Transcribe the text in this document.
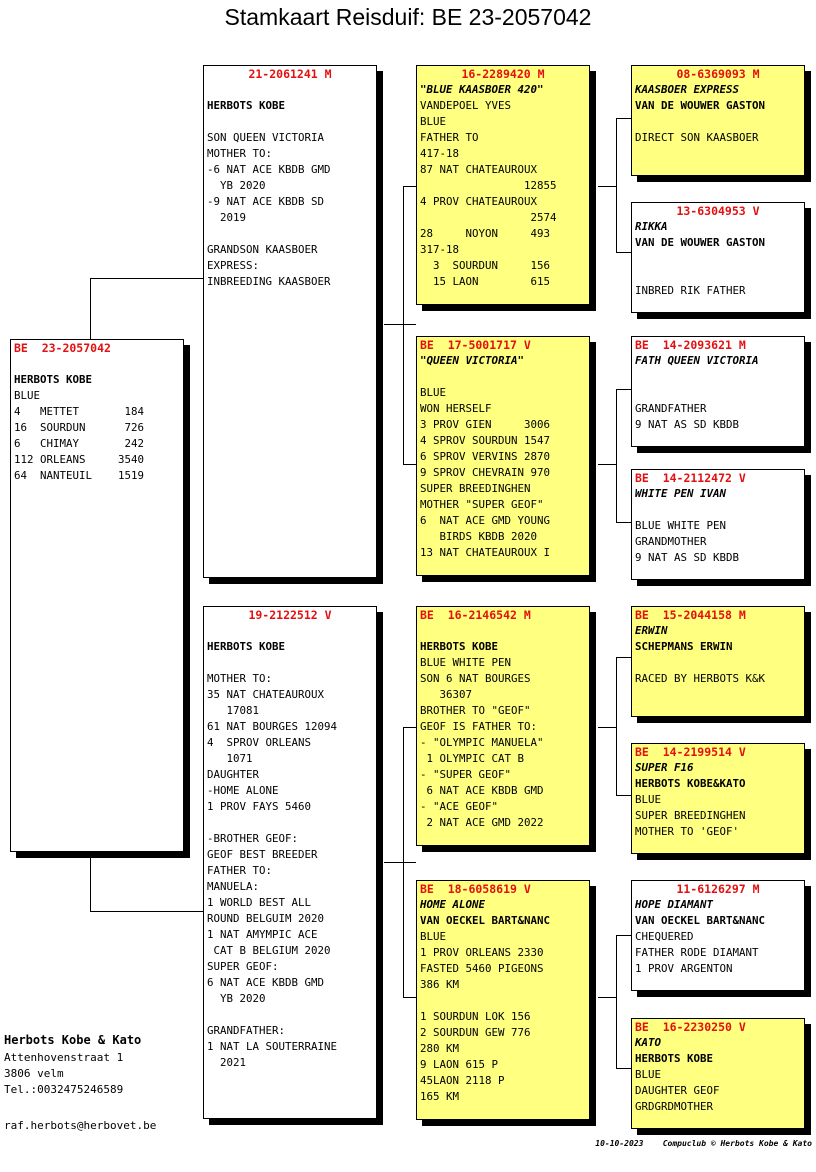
Stamkaart Reisduif: BE 23-2057042
BE  23-2057042
HERBOTS KOBE
BLUE
4   METTET       184
16  SOURDUN      726
6   CHIMAY       242
112 ORLEANS     3540
64  NANTEUIL    1519
21-2061241 M
HERBOTS KOBE
SON QUEEN VICTORIA
MOTHER TO:
-6 NAT ACE KBDB GMD
YB 2020
-9 NAT ACE KBDB SD
2019
GRANDSON KAASBOER
EXPRESS:
INBREEDING KAASBOER
19-2122512 V
HERBOTS KOBE
MOTHER TO:
35 NAT CHATEAUROUX
17081
61 NAT BOURGES 12094
4  SPROV ORLEANS
1071
DAUGHTER
-HOME ALONE
1 PROV FAYS 5460
-BROTHER GEOF:
GEOF BEST BREEDER
FATHER TO:
MANUELA:
1 WORLD BEST ALL
ROUND BELGUIM 2020
1 NAT AMYMPIC ACE
CAT B BELGIUM 2020
SUPER GEOF:
6 NAT ACE KBDB GMD
YB 2020
GRANDFATHER:
1 NAT LA SOUTERRAINE
2021
16-2289420 M
"BLUE KAASBOER 420"
VANDEPOEL YVES
BLUE
FATHER TO
417-18
87 NAT CHATEAUROUX
12855
4 PROV CHATEAUROUX
2574
28     NOYON     493
317-18
3  SOURDUN     156
15 LAON        615
BE  17-5001717 V
"QUEEN VICTORIA"
BLUE
WON HERSELF
3 PROV GIEN     3006
4 SPROV SOURDUN 1547
6 SPROV VERVINS 2870
9 SPROV CHEVRAIN 970
SUPER BREEDINGHEN
MOTHER "SUPER GEOF"
6  NAT ACE GMD YOUNG
BIRDS KBDB 2020
13 NAT CHATEAUROUX I
BE  16-2146542 M
HERBOTS KOBE
BLUE WHITE PEN
SON 6 NAT BOURGES
36307
BROTHER TO "GEOF"
GEOF IS FATHER TO:
- "OLYMPIC MANUELA"
1 OLYMPIC CAT B
- "SUPER GEOF"
6 NAT ACE KBDB GMD
- "ACE GEOF"
2 NAT ACE GMD 2022
BE  18-6058619 V
HOME ALONE
VAN OECKEL BART&NANC
BLUE
1 PROV ORLEANS 2330
FASTED 5460 PIGEONS
386 KM
1 SOURDUN LOK 156
2 SOURDUN GEW 776
280 KM
9 LAON 615 P
45LAON 2118 P
165 KM
08-6369093 M
KAASBOER EXPRESS
VAN DE WOUWER GASTON
DIRECT SON KAASBOER
13-6304953 V
RIKKA
VAN DE WOUWER GASTON
INBRED RIK FATHER
BE  14-2093621 M
FATH QUEEN VICTORIA
GRANDFATHER
9 NAT AS SD KBDB
BE  14-2112472 V
WHITE PEN IVAN
BLUE WHITE PEN
GRANDMOTHER
9 NAT AS SD KBDB
BE  15-2044158 M
ERWIN
SCHEPMANS ERWIN
RACED BY HERBOTS K&K
BE  14-2199514 V
SUPER F16
HERBOTS KOBE&KATO
BLUE
SUPER BREEDINGHEN
MOTHER TO 'GEOF'
11-6126297 M
HOPE DIAMANT
VAN OECKEL BART&NANC
CHEQUERED
FATHER RODE DIAMANT
1 PROV ARGENTON
BE  16-2230250 V
KATO
HERBOTS KOBE
BLUE
DAUGHTER GEOF
GRDGRDMOTHER
Herbots Kobe & Kato
Attenhovenstraat 1
3806 velm
Tel.:0032475246589
raf.herbots@herbovet.be
10-10-2023 Compuclub © Herbots Kobe & Kato
